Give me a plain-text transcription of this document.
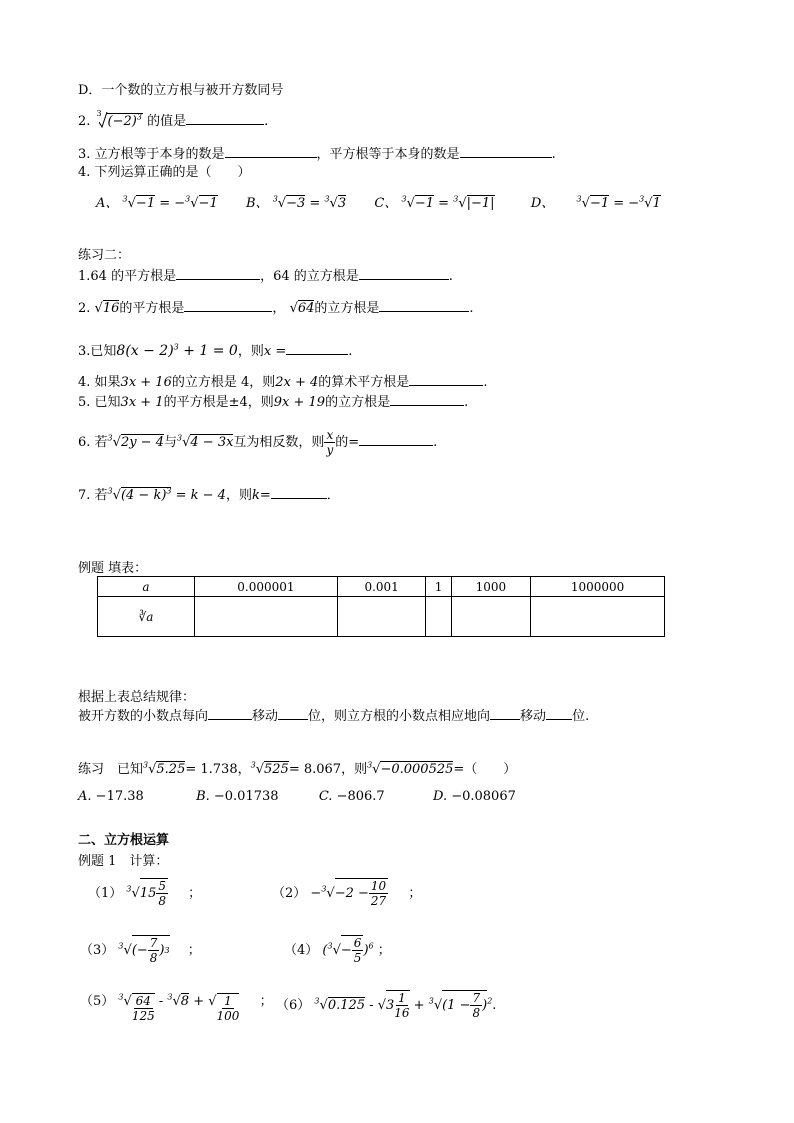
D．一个数的立方根与被开方数同号
2.
3
$(-2)^3$ 的值是	.
3. 立方根等于本身的数是	，平方根等于本身的数是	.
4. 下列运算正确的是（　　）
A、 $^3$√−1 = −$^3$√−1 B、 $^3$√−3 = $^3$√3 C、 $^3$√−1 = $^3$√|−1|	D、	$^3$√−1 = −$^3$√1
练习二：
1.64 的平方根是	，64 的立方根是	.
2. √16的平方根是	， √64的立方根是	.
3.已知$8(x - 2)^3 + 1 = 0$，则x =	.
4. 如果3x + 16的立方根是 4，则2x + 4的算术平方根是	.
5. 已知3x + 1的平方根是±4，则9x + 19的立方根是	.
6. 若$^3$√2y − 4与$^3$√4 − 3x互为相反数，则 $\frac{x}{y}$ 的=	.
7. 若$^3√(4 - k)^3 = k - 4$，则k=	．
例题 填表：
a	0.000001	0.001	1	1000	1000000
∛a					
根据上表总结规律：
被开方数的小数点每向	移动 位，则立方根的小数点相应地向 移动 位.
练习　已知$^3$√5.25= 1.738，$^3$√525= 8.067，则$^3$√−0.000525=（　　）
A. −17.38	B. −0.01738	C. −806.7	D. −0.08067
二、立方根运算
例题 1　计算：
（1） $^3√15 \frac{5}{8}$ ；	$(2) -^3√-2 - \frac{10}{27}$ ；
（3） $^3√(- \frac{7}{8}$ ) 3 ；	（4） $(^3√- \frac{6}{5} )^6$ ；
（5） $^3√ \frac{64}{125} - ^3√8$ + √ $\frac{1}{100}$ ； （6） $^3√0.125 - √3 \frac{1}{16} + ^3√(1 - \frac{7}{8} )^2$.
